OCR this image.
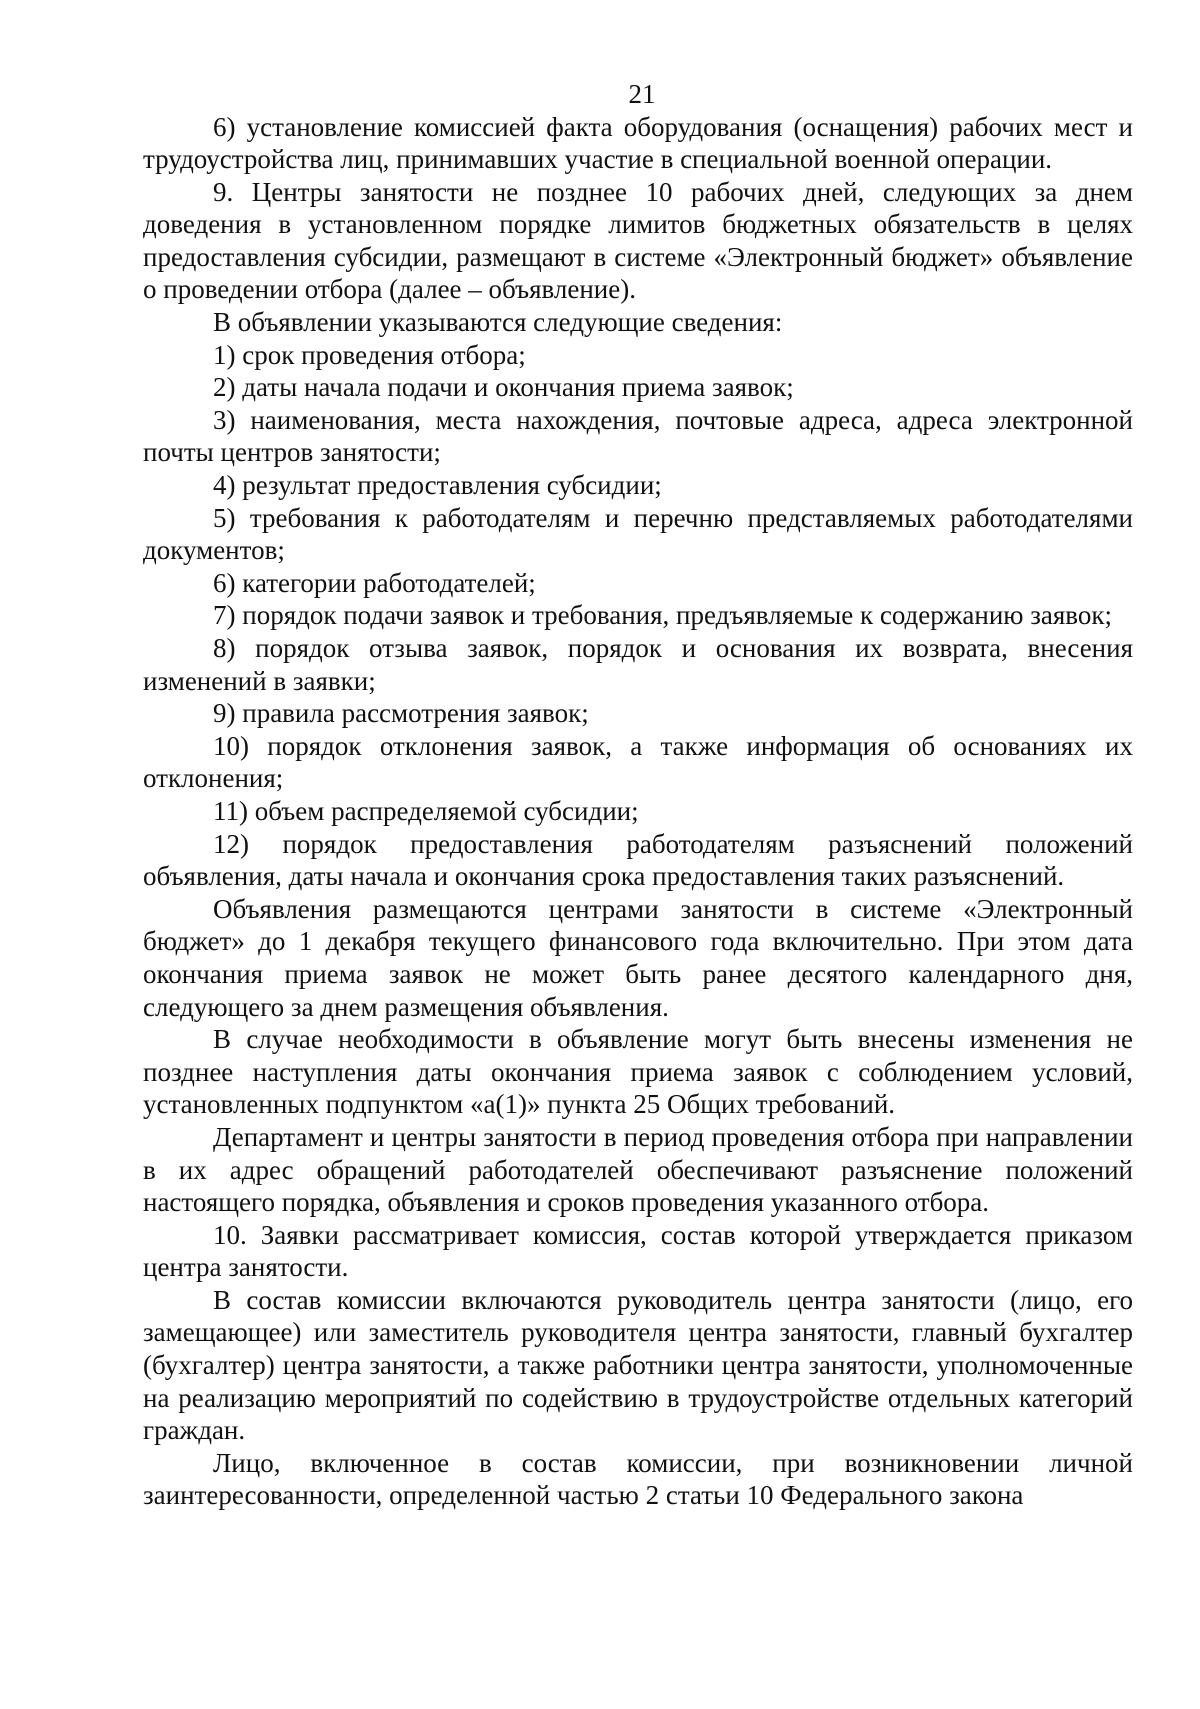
21

6) установление комиссией факта оборудования (оснащения) рабочих мест и трудоустройства лиц, принимавших участие в специальной военной операции.

9. Центры занятости не позднее 10 рабочих дней, следующих за днем доведения в установленном порядке лимитов бюджетных обязательств в целях предоставления субсидии, размещают в системе «Электронный бюджет» объявление о проведении отбора (далее – объявление).

В объявлении указываются следующие сведения:

1) срок проведения отбора;

2) даты начала подачи и окончания приема заявок;

3) наименования, места нахождения, почтовые адреса, адреса электронной почты центров занятости;

4) результат предоставления субсидии;

5) требования к работодателям и перечню представляемых работодателями документов;

6) категории работодателей;

7) порядок подачи заявок и требования, предъявляемые к содержанию заявок;

8) порядок отзыва заявок, порядок и основания их возврата, внесения изменений в заявки;

9) правила рассмотрения заявок;

10) порядок отклонения заявок, а также информация об основаниях их отклонения;

11) объем распределяемой субсидии;

12) порядок предоставления работодателям разъяснений положений объявления, даты начала и окончания срока предоставления таких разъяснений.

Объявления размещаются центрами занятости в системе «Электронный бюджет» до 1 декабря текущего финансового года включительно. При этом дата окончания приема заявок не может быть ранее десятого календарного дня, следующего за днем размещения объявления.

В случае необходимости в объявление могут быть внесены изменения не позднее наступления даты окончания приема заявок с соблюдением условий, установленных подпунктом «а(1)» пункта 25 Общих требований.

Департамент и центры занятости в период проведения отбора при направлении в их адрес обращений работодателей обеспечивают разъяснение положений настоящего порядка, объявления и сроков проведения указанного отбора.

10. Заявки рассматривает комиссия, состав которой утверждается приказом центра занятости.

В состав комиссии включаются руководитель центра занятости (лицо, его замещающее) или заместитель руководителя центра занятости, главный бухгалтер (бухгалтер) центра занятости, а также работники центра занятости, уполномоченные на реализацию мероприятий по содействию в трудоустройстве отдельных категорий граждан.

Лицо, включенное в состав комиссии, при возникновении личной заинтересованности, определенной частью 2 статьи 10 Федерального закона
